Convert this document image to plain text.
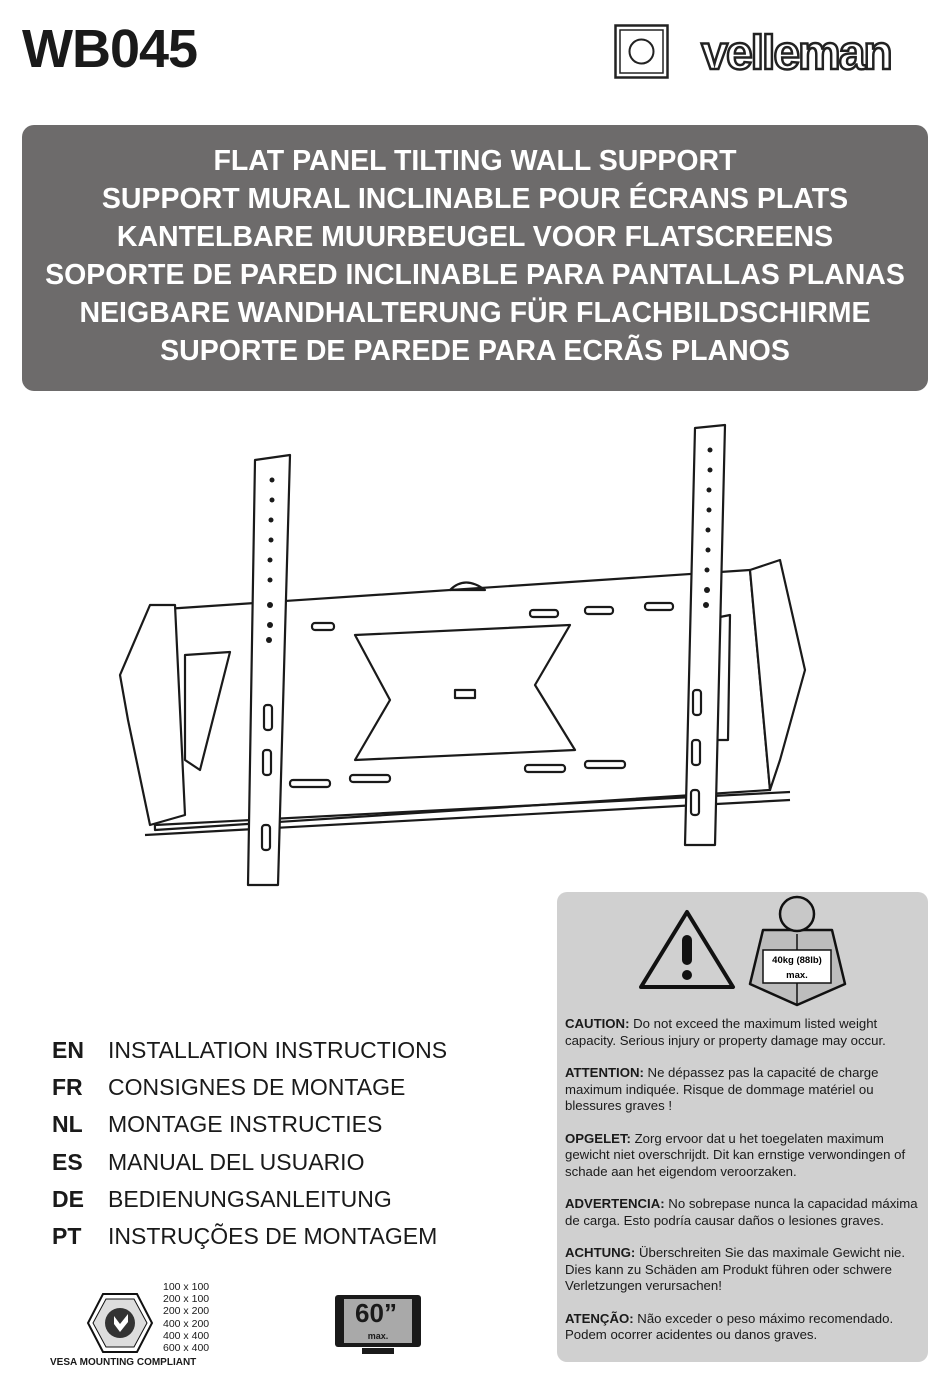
WB045	velleman
FLAT PANEL TILTING WALL SUPPORT
SUPPORT MURAL INCLINABLE POUR ÉCRANS PLATS
KANTELBARE MUURBEUGEL VOOR FLATSCREENS
SOPORTE DE PARED INCLINABLE PARA PANTALLAS PLANAS
NEIGBARE WANDHALTERUNG FÜR FLACHBILDSCHIRME
SUPORTE DE PAREDE PARA ECRÃS PLANOS
EN	INSTALLATION INSTRUCTIONS
FR	CONSIGNES DE MONTAGE
NL	MONTAGE INSTRUCTIES
ES	MANUAL DEL USUARIO
DE	BEDIENUNGSANLEITUNG
PT	INSTRUÇÕES DE MONTAGEM
40kg (88lb)
max.

CAUTION: Do not exceed the maximum listed weight capacity. Serious injury or property damage may occur.

ATTENTION: Ne dépassez pas la capacité de charge maximum indiquée. Risque de dommage matériel ou blessures graves !

OPGELET: Zorg ervoor dat u het toegelaten maximum gewicht niet overschrijdt. Dit kan ernstige verwondingen of schade aan het eigendom veroorzaken.

ADVERTENCIA: No sobrepase nunca la capacidad máxima de carga. Esto podría causar daños o lesiones graves.

ACHTUNG: Überschreiten Sie das maximale Gewicht nie. Dies kann zu Schäden am Produkt führen oder schwere Verletzungen verursachen!

ATENÇÃO: Não exceder o peso máximo recomendado. Podem ocorrer acidentes ou danos graves.

VESA MOUNTING COMPLIANT
100 x 100
200 x 100
200 x 200
400 x 200
400 x 400
600 x 400
60”
max.
